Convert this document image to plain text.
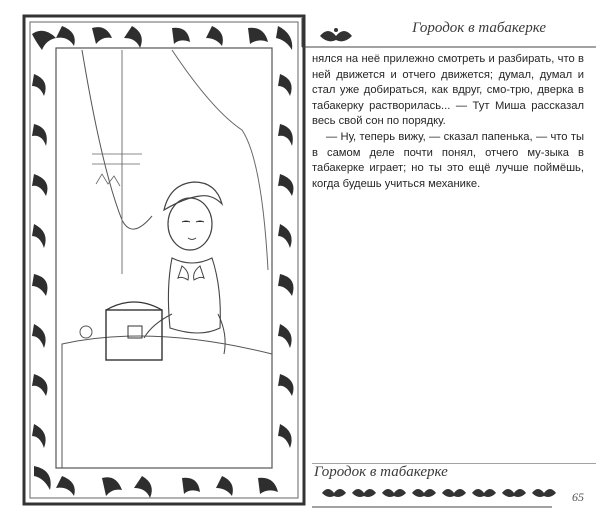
Городок в табакерке

нялся на неё прилежно смотреть и разбирать, что в ней движется и отчего движется; думал, думал и стал уже добираться, как вдруг, смо-трю, дверка в табакерку растворилась... — Тут Миша рассказал весь свой сон по порядку.

— Ну, теперь вижу, — сказал папенька, — что ты в самом деле почти понял, отчего му-зыка в табакерке играет; но ты это ещё лучше поймёшь, когда будешь учиться механике.

Городок в табакерке
65
